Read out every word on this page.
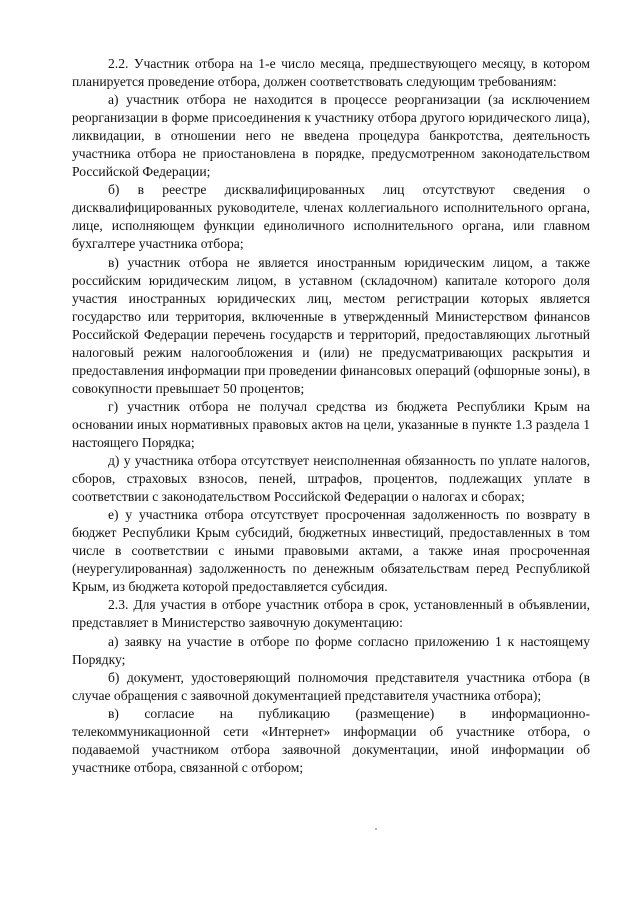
2.2. Участник отбора на 1-е число месяца, предшествующего месяцу, в котором планируется проведение отбора, должен соответствовать следующим требованиям:

а) участник отбора не находится в процессе реорганизации (за исключением реорганизации в форме присоединения к участнику отбора другого юридического лица), ликвидации, в отношении него не введена процедура банкротства, деятельность участника отбора не приостановлена в порядке, предусмотренном законодательством Российской Федерации;

б) в реестре дисквалифицированных лиц отсутствуют сведения о дисквалифицированных руководителе, членах коллегиального исполнительного органа, лице, исполняющем функции единоличного исполнительного органа, или главном бухгалтере участника отбора;

в) участник отбора не является иностранным юридическим лицом, а также российским юридическим лицом, в уставном (складочном) капитале которого доля участия иностранных юридических лиц, местом регистрации которых является государство или территория, включенные в утвержденный Министерством финансов Российской Федерации перечень государств и территорий, предоставляющих льготный налоговый режим налогообложения и (или) не предусматривающих раскрытия и предоставления информации при проведении финансовых операций (офшорные зоны), в совокупности превышает 50 процентов;

г) участник отбора не получал средства из бюджета Республики Крым на основании иных нормативных правовых актов на цели, указанные в пункте 1.3 раздела 1 настоящего Порядка;

д) у участника отбора отсутствует неисполненная обязанность по уплате налогов, сборов, страховых взносов, пеней, штрафов, процентов, подлежащих уплате в соответствии с законодательством Российской Федерации о налогах и сборах;

е) у участника отбора отсутствует просроченная задолженность по возврату в бюджет Республики Крым субсидий, бюджетных инвестиций, предоставленных в том числе в соответствии с иными правовыми актами, а также иная просроченная (неурегулированная) задолженность по денежным обязательствам перед Республикой Крым, из бюджета которой предоставляется субсидия.

2.3. Для участия в отборе участник отбора в срок, установленный в объявлении, представляет в Министерство заявочную документацию:

а) заявку на участие в отборе по форме согласно приложению 1 к настоящему Порядку;

б) документ, удостоверяющий полномочия представителя участника отбора (в случае обращения с заявочной документацией представителя участника отбора);

в) согласие на публикацию (размещение) в информационно-телекоммуникационной сети «Интернет» информации об участнике отбора, о подаваемой участником отбора заявочной документации, иной информации об участнике отбора, связанной с отбором;
